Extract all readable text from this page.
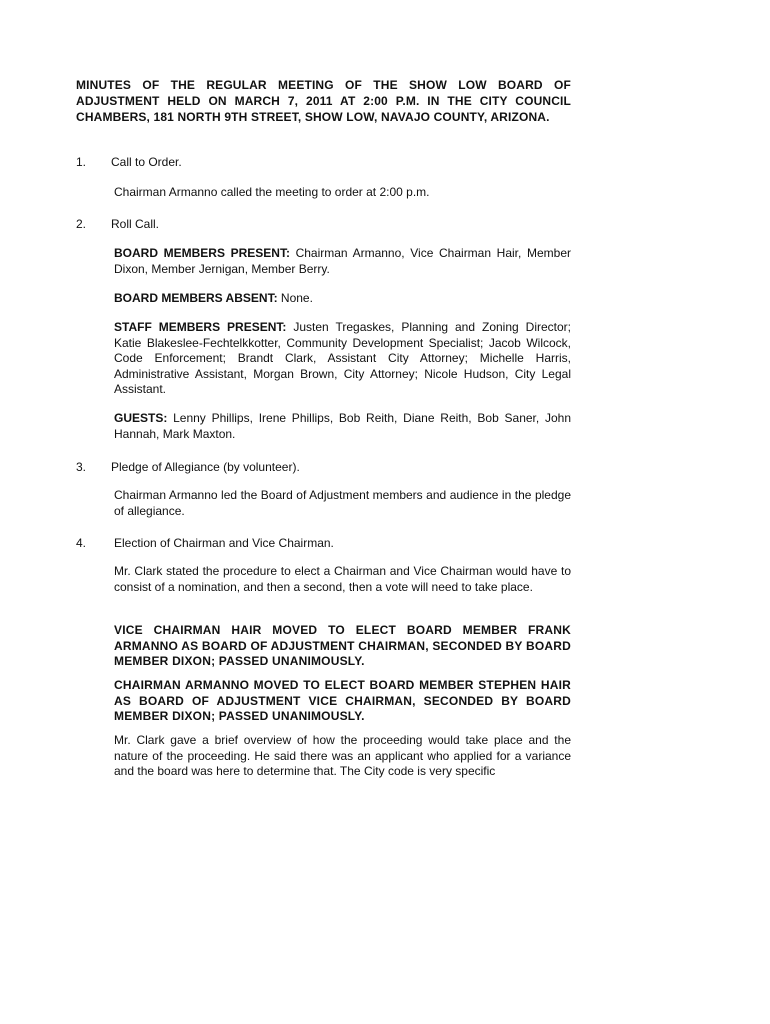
MINUTES OF THE REGULAR MEETING OF THE SHOW LOW BOARD OF ADJUSTMENT HELD ON MARCH 7, 2011 AT 2:00 P.M. IN THE CITY COUNCIL CHAMBERS, 181 NORTH 9TH STREET, SHOW LOW, NAVAJO COUNTY, ARIZONA.
1. Call to Order.
Chairman Armanno called the meeting to order at 2:00 p.m.
2. Roll Call.
BOARD MEMBERS PRESENT: Chairman Armanno, Vice Chairman Hair, Member Dixon, Member Jernigan, Member Berry.
BOARD MEMBERS ABSENT: None.
STAFF MEMBERS PRESENT: Justen Tregaskes, Planning and Zoning Director; Katie Blakeslee-Fechtelkkotter, Community Development Specialist; Jacob Wilcock, Code Enforcement; Brandt Clark, Assistant City Attorney; Michelle Harris, Administrative Assistant, Morgan Brown, City Attorney; Nicole Hudson, City Legal Assistant.
GUESTS: Lenny Phillips, Irene Phillips, Bob Reith, Diane Reith, Bob Saner, John Hannah, Mark Maxton.
3. Pledge of Allegiance (by volunteer).
Chairman Armanno led the Board of Adjustment members and audience in the pledge of allegiance.
4. Election of Chairman and Vice Chairman.
Mr. Clark stated the procedure to elect a Chairman and Vice Chairman would have to consist of a nomination, and then a second, then a vote will need to take place.
VICE CHAIRMAN HAIR MOVED TO ELECT BOARD MEMBER FRANK ARMANNO AS BOARD OF ADJUSTMENT CHAIRMAN, SECONDED BY BOARD MEMBER DIXON; PASSED UNANIMOUSLY.
CHAIRMAN ARMANNO MOVED TO ELECT BOARD MEMBER STEPHEN HAIR AS BOARD OF ADJUSTMENT VICE CHAIRMAN, SECONDED BY BOARD MEMBER DIXON; PASSED UNANIMOUSLY.
Mr. Clark gave a brief overview of how the proceeding would take place and the nature of the proceeding. He said there was an applicant who applied for a variance and the board was here to determine that. The City code is very specific
